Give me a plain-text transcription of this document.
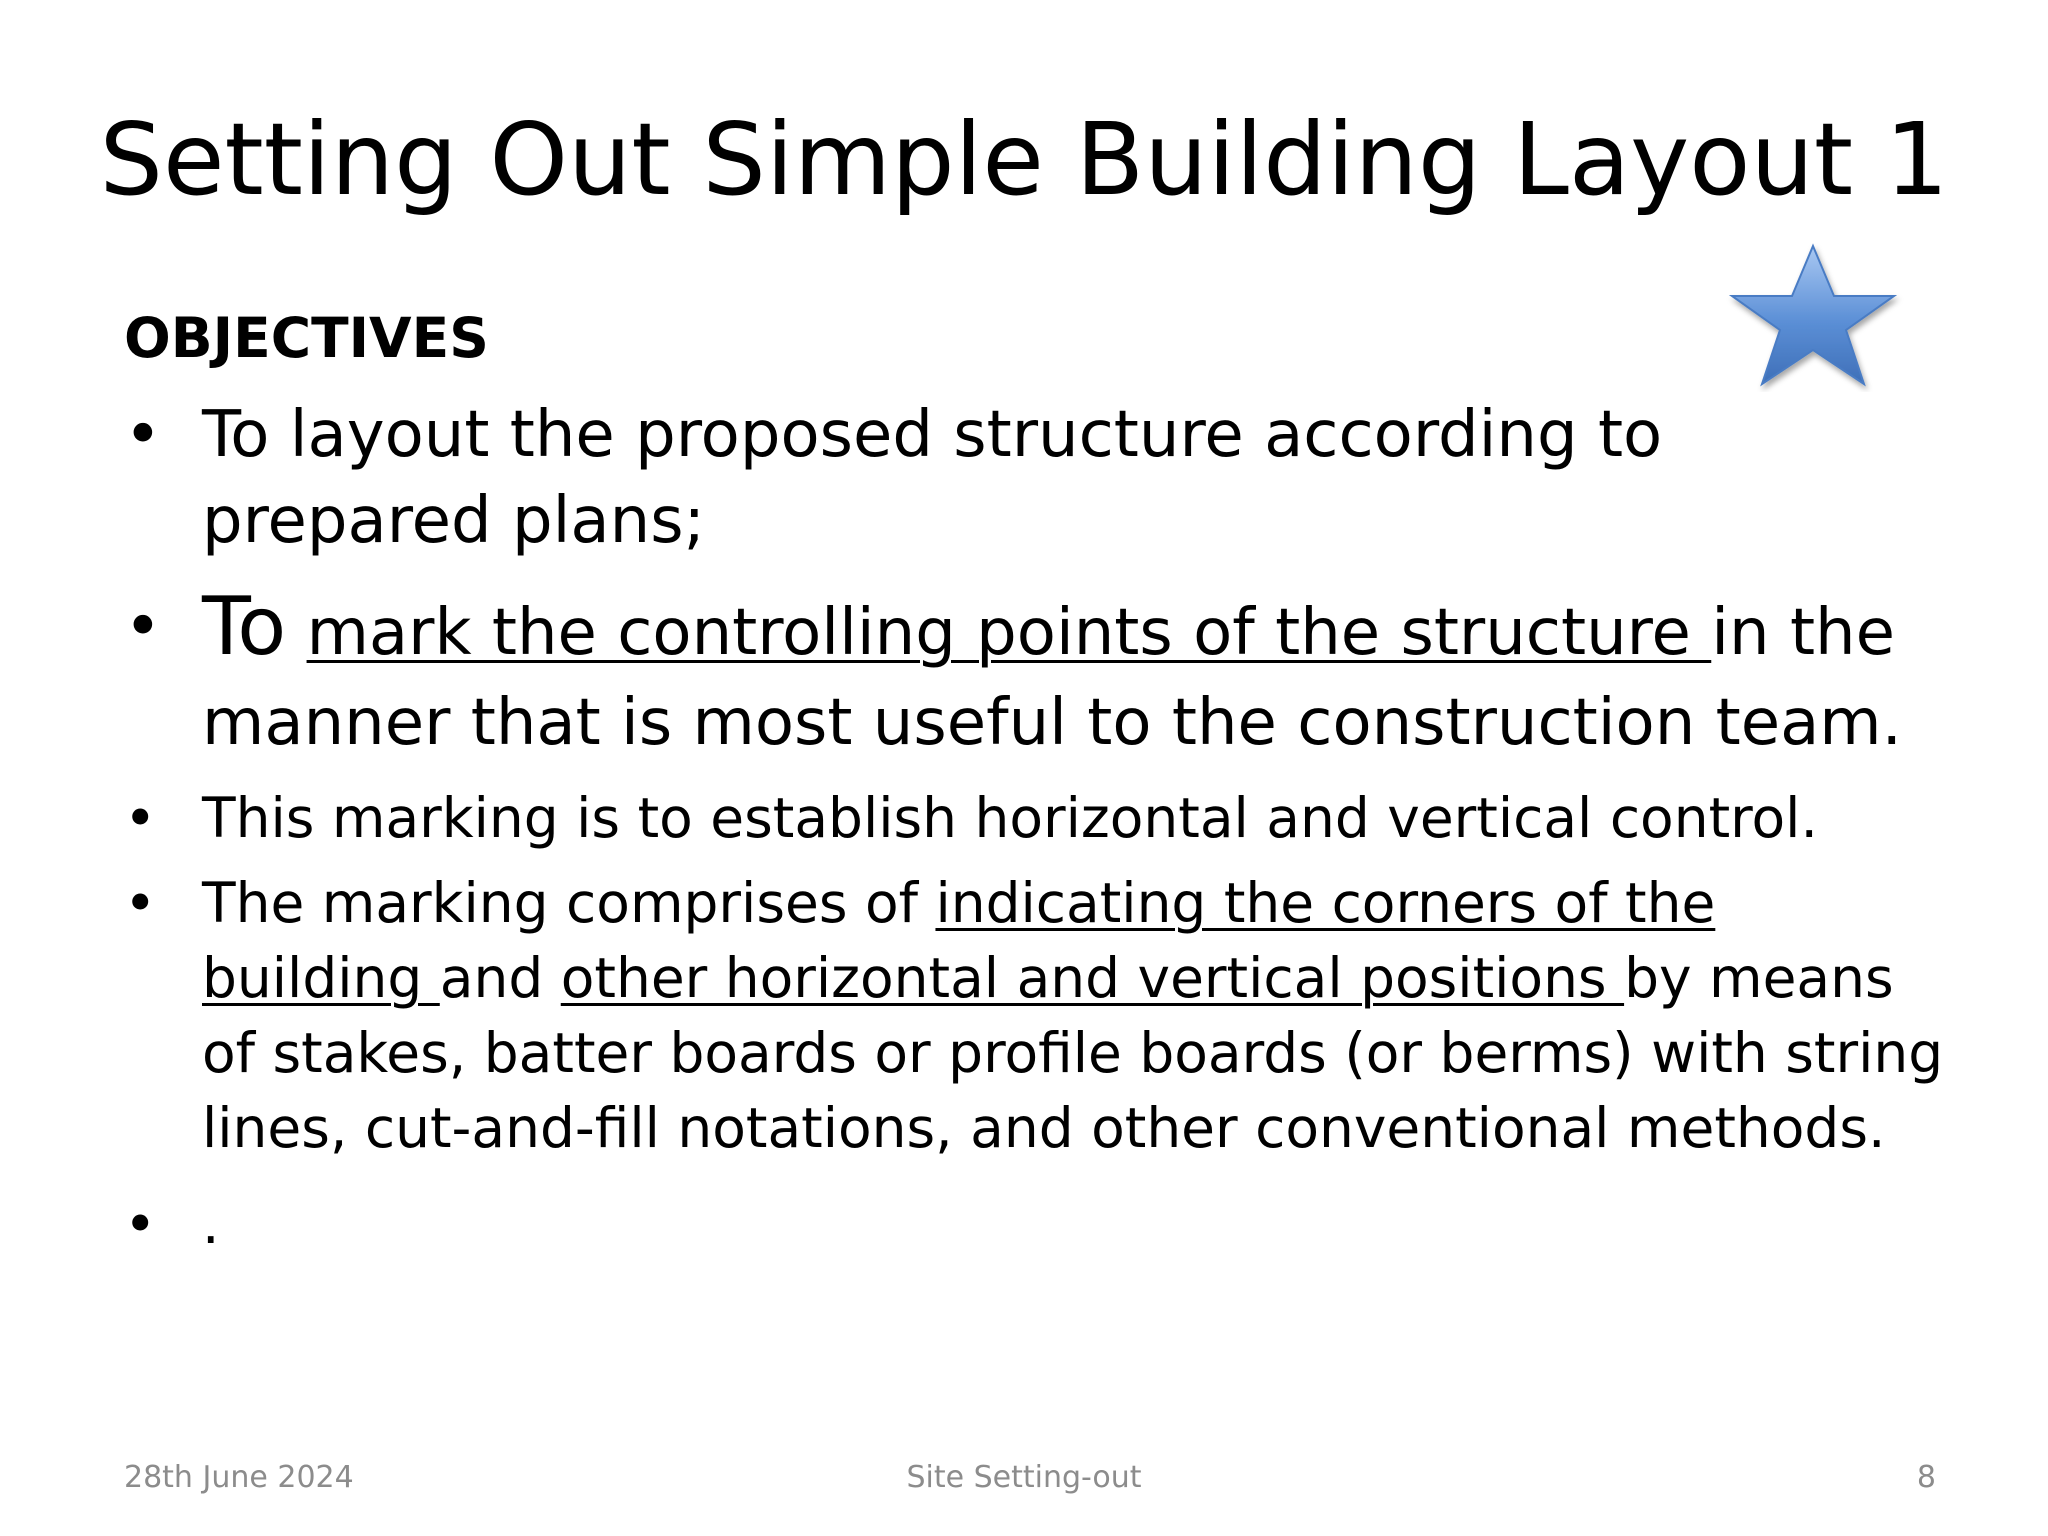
Setting Out Simple Building Layout 1
OBJECTIVES
• To layout the proposed structure according to prepared plans;
• To mark the controlling points of the structure in the manner that is most useful to the construction team.
• This marking is to establish horizontal and vertical control.
• The marking comprises of indicating the corners of the building and other horizontal and vertical positions by means of stakes, batter boards or profile boards (or berms) with string lines, cut-and-fill notations, and other conventional methods.
• .
28th June 2024	Site Setting-out	8
